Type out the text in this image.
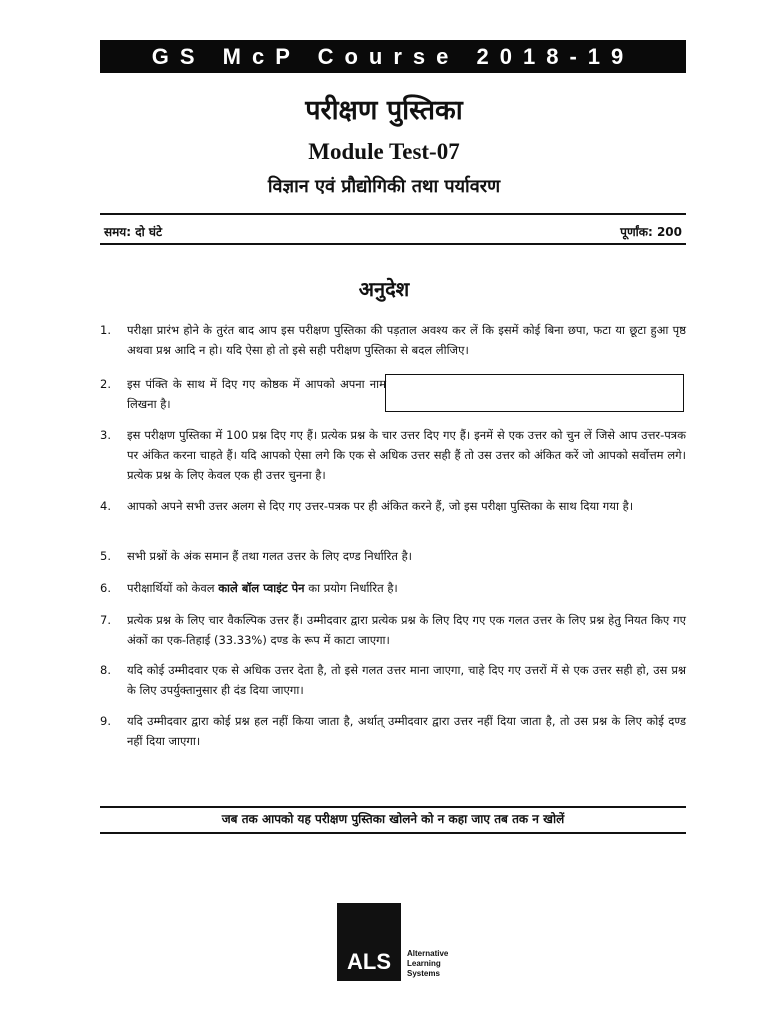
GS McP Course 2018-19
परीक्षण पुस्तिका
Module Test-07
विज्ञान एवं प्रौद्योगिकी तथा पर्यावरण
समय: दो घंटे	पूर्णांक: 200
अनुदेश
1.	परीक्षा प्रारंभ होने के तुरंत बाद आप इस परीक्षण पुस्तिका की पड़ताल अवश्य कर लें कि इसमें कोई बिना छपा, फटा या छूटा हुआ पृष्ठ अथवा प्रश्न आदि न हो। यदि ऐसा हो तो इसे सही परीक्षण पुस्तिका से बदल लीजिए।
2.	इस पंक्ति के साथ में दिए गए कोष्ठक में आपको अपना नाम लिखना है।
3.	इस परीक्षण पुस्तिका में 100 प्रश्न दिए गए हैं। प्रत्येक प्रश्न के चार उत्तर दिए गए हैं। इनमें से एक उत्तर को चुन लें जिसे आप उत्तर-पत्रक पर अंकित करना चाहते हैं। यदि आपको ऐसा लगे कि एक से अधिक उत्तर सही हैं तो उस उत्तर को अंकित करें जो आपको सर्वोत्तम लगे। प्रत्येक प्रश्न के लिए केवल एक ही उत्तर चुनना है।
4.	आपको अपने सभी उत्तर अलग से दिए गए उत्तर-पत्रक पर ही अंकित करने हैं, जो इस परीक्षा पुस्तिका के साथ दिया गया है।
5.	सभी प्रश्नों के अंक समान हैं तथा गलत उत्तर के लिए दण्ड निर्धारित है।
6.	परीक्षार्थियों को केवल काले बॉल प्वाइंट पेन का प्रयोग निर्धारित है।
7.	प्रत्येक प्रश्न के लिए चार वैकल्पिक उत्तर हैं। उम्मीदवार द्वारा प्रत्येक प्रश्न के लिए दिए गए एक गलत उत्तर के लिए प्रश्न हेतु नियत किए गए अंकों का एक-तिहाई (33.33%) दण्ड के रूप में काटा जाएगा।
8.	यदि कोई उम्मीदवार एक से अधिक उत्तर देता है, तो इसे गलत उत्तर माना जाएगा, चाहे दिए गए उत्तरों में से एक उत्तर सही हो, उस प्रश्न के लिए उपर्युक्तानुसार ही दंड दिया जाएगा।
9.	यदि उम्मीदवार द्वारा कोई प्रश्न हल नहीं किया जाता है, अर्थात् उम्मीदवार द्वारा उत्तर नहीं दिया जाता है, तो उस प्रश्न के लिए कोई दण्ड नहीं दिया जाएगा।
जब तक आपको यह परीक्षण पुस्तिका खोलने को न कहा जाए तब तक न खोलें
ALS	Alternative
Learning
Systems
